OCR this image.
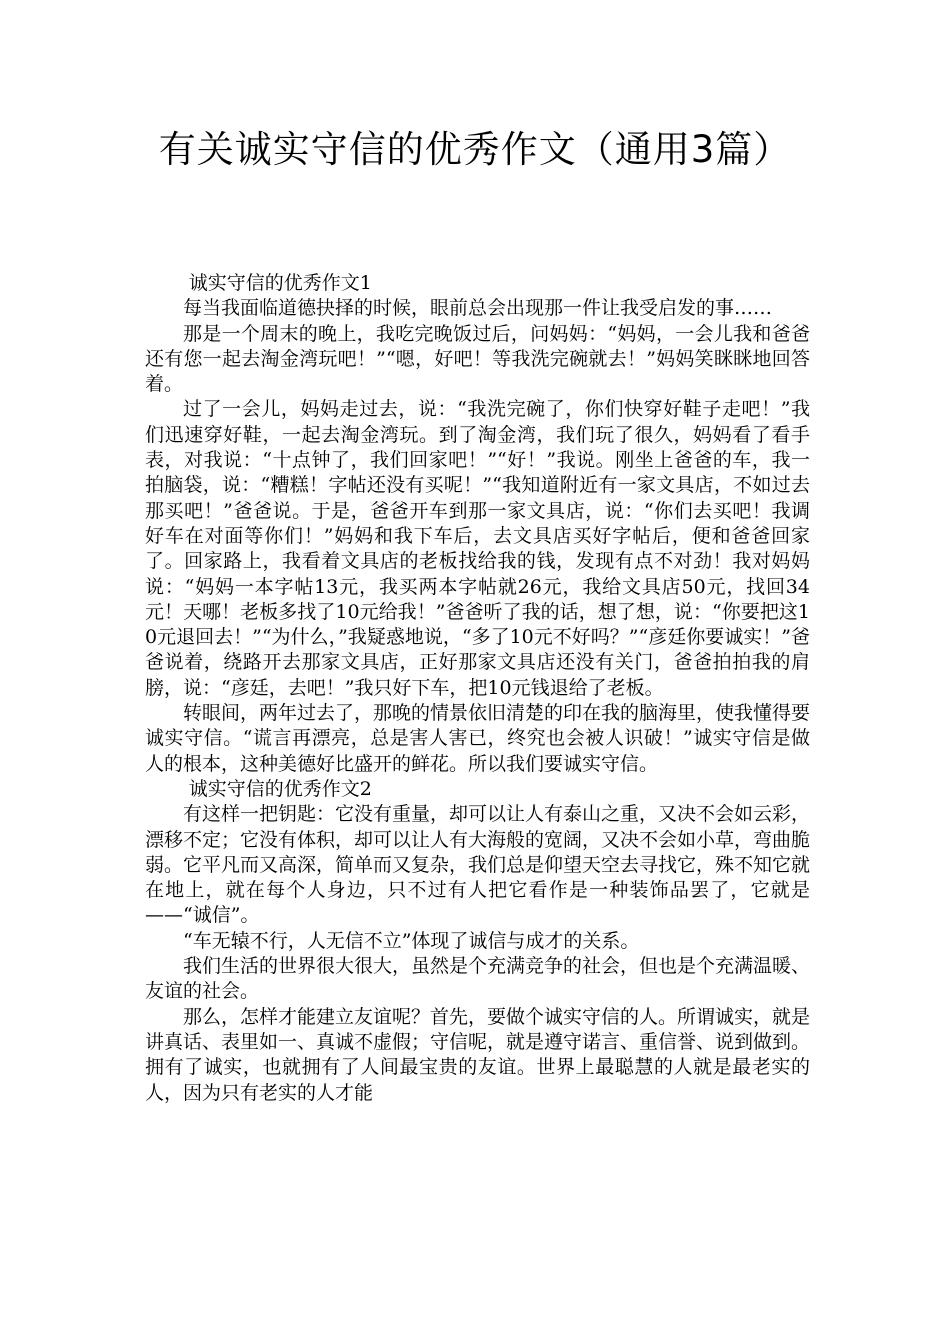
有关诚实守信的优秀作文（通用3篇）

诚实守信的优秀作文1

每当我面临道德抉择的时候，眼前总会出现那一件让我受启发的事……

那是一个周末的晚上，我吃完晚饭过后，问妈妈：“妈妈，一会儿我和爸爸还有您一起去淘金湾玩吧！”“嗯，好吧！等我洗完碗就去！”妈妈笑眯眯地回答着。

过了一会儿，妈妈走过去，说：“我洗完碗了，你们快穿好鞋子走吧！”我们迅速穿好鞋，一起去淘金湾玩。到了淘金湾，我们玩了很久，妈妈看了看手表，对我说：“十点钟了，我们回家吧！”“好！”我说。刚坐上爸爸的车，我一拍脑袋，说：“糟糕！字帖还没有买呢！”“我知道附近有一家文具店，不如过去那买吧！”爸爸说。于是，爸爸开车到那一家文具店，说：“你们去买吧！我调好车在对面等你们！”妈妈和我下车后，去文具店买好字帖后，便和爸爸回家了。回家路上，我看着文具店的老板找给我的钱，发现有点不对劲！我对妈妈说：“妈妈一本字帖13元，我买两本字帖就26元，我给文具店50元，找回34元！天哪！老板多找了10元给我！”爸爸听了我的话，想了想，说：“你要把这10元退回去！”“为什么，”我疑惑地说，“多了10元不好吗？”“彦廷你要诚实！”爸爸说着，绕路开去那家文具店，正好那家文具店还没有关门，爸爸拍拍我的肩膀，说：“彦廷，去吧！”我只好下车，把10元钱退给了老板。

转眼间，两年过去了，那晚的情景依旧清楚的印在我的脑海里，使我懂得要诚实守信。“谎言再漂亮，总是害人害已，终究也会被人识破！”诚实守信是做人的根本，这种美德好比盛开的鲜花。所以我们要诚实守信。

诚实守信的优秀作文2

有这样一把钥匙：它没有重量，却可以让人有泰山之重，又决不会如云彩，漂移不定；它没有体积，却可以让人有大海般的宽阔，又决不会如小草，弯曲脆弱。它平凡而又高深，简单而又复杂，我们总是仰望天空去寻找它，殊不知它就在地上，就在每个人身边，只不过有人把它看作是一种装饰品罢了，它就是——“诚信”。

“车无辕不行，人无信不立”体现了诚信与成才的关系。

我们生活的世界很大很大，虽然是个充满竞争的社会，但也是个充满温暖、友谊的社会。

那么，怎样才能建立友谊呢？首先，要做个诚实守信的人。所谓诚实，就是讲真话、表里如一、真诚不虚假；守信呢，就是遵守诺言、重信誉、说到做到。拥有了诚实，也就拥有了人间最宝贵的友谊。世界上最聪慧的人就是最老实的人，因为只有老实的人才能
